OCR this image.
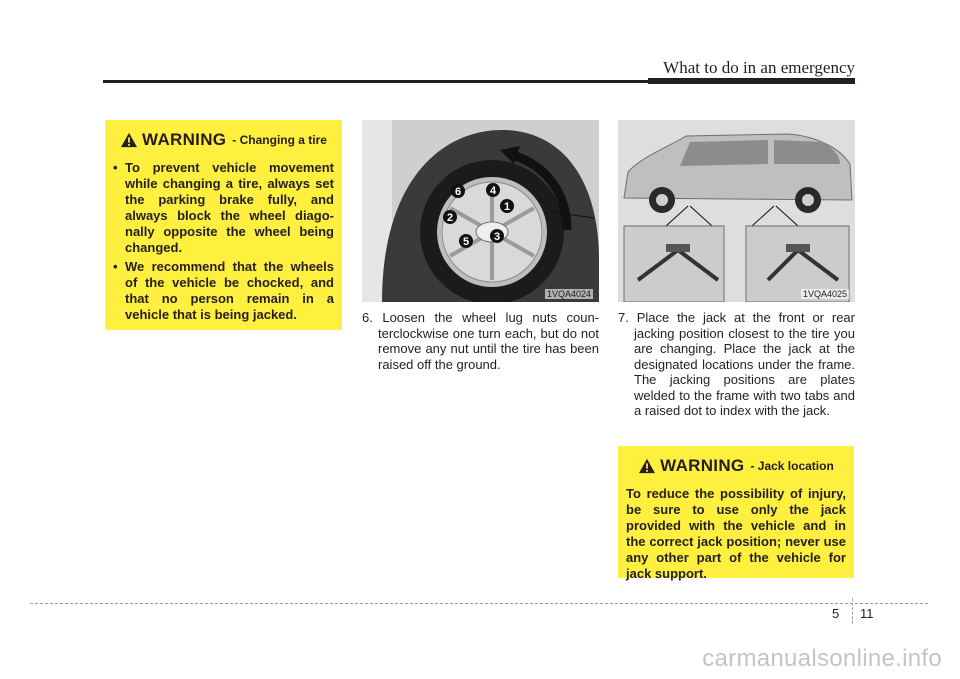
What to do in an emergency
WARNING - Changing a tire
• To prevent vehicle movement while changing a tire, always set the parking brake fully, and always block the wheel diago-nally opposite the wheel being changed.
• We recommend that the wheels of the vehicle be chocked, and that no person remain in a vehicle that is being jacked.
1
2
3
4
5
6
1VQA4024	1VQA4025

6. Loosen the wheel lug nuts coun-terclockwise one turn each, but do not remove any nut until the tire has been raised off the ground.

7. Place the jack at the front or rear jacking position closest to the tire you are changing. Place the jack at the designated locations under the frame. The jacking positions are plates welded to the frame with two tabs and a raised dot to index with the jack.

WARNING - Jack location
To reduce the possibility of injury, be sure to use only the jack provided with the vehicle and in the correct jack position; never use any other part of the vehicle for jack support.
5 11
carmanualsonline.info
